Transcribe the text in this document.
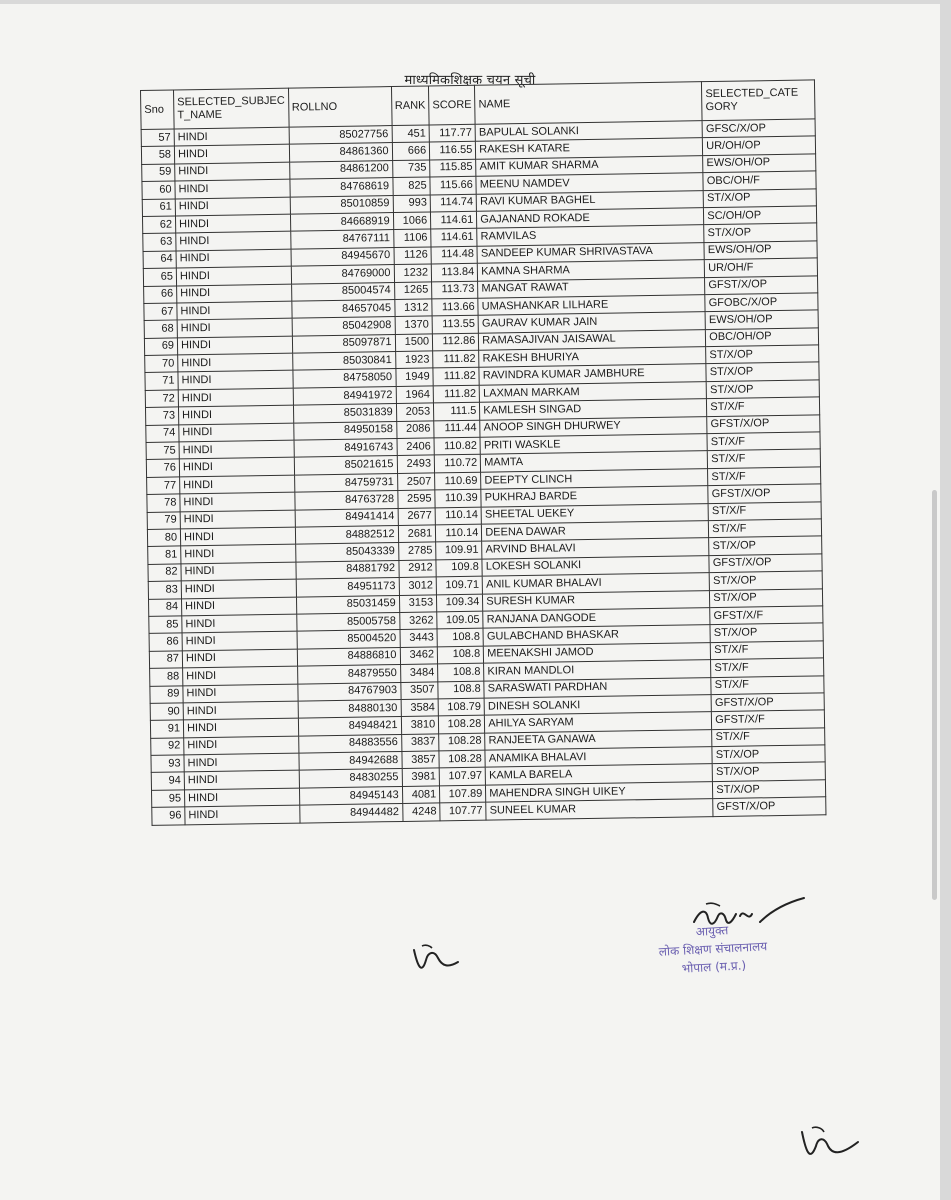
माध्यमिकशिक्षक चयन सूची
Sno	SELECTED_SUBJEC T_NAME	ROLLNO	RANK	SCORE	NAME	SELECTED_CATE GORY
57	HINDI	85027756	451	117.77	BAPULAL SOLANKI	GFSC/X/OP
58	HINDI	84861360	666	116.55	RAKESH KATARE	UR/OH/OP
59	HINDI	84861200	735	115.85	AMIT KUMAR SHARMA	EWS/OH/OP
60	HINDI	84768619	825	115.66	MEENU NAMDEV	OBC/OH/F
61	HINDI	85010859	993	114.74	RAVI KUMAR BAGHEL	ST/X/OP
62	HINDI	84668919	1066	114.61	GAJANAND ROKADE	SC/OH/OP
63	HINDI	84767111	1106	114.61	RAMVILAS	ST/X/OP
64	HINDI	84945670	1126	114.48	SANDEEP KUMAR SHRIVASTAVA	EWS/OH/OP
65	HINDI	84769000	1232	113.84	KAMNA SHARMA	UR/OH/F
66	HINDI	85004574	1265	113.73	MANGAT RAWAT	GFST/X/OP
67	HINDI	84657045	1312	113.66	UMASHANKAR LILHARE	GFOBC/X/OP
68	HINDI	85042908	1370	113.55	GAURAV KUMAR JAIN	EWS/OH/OP
69	HINDI	85097871	1500	112.86	RAMASAJIVAN JAISAWAL	OBC/OH/OP
70	HINDI	85030841	1923	111.82	RAKESH BHURIYA	ST/X/OP
71	HINDI	84758050	1949	111.82	RAVINDRA KUMAR JAMBHURE	ST/X/OP
72	HINDI	84941972	1964	111.82	LAXMAN MARKAM	ST/X/OP
73	HINDI	85031839	2053	111.5	KAMLESH SINGAD	ST/X/F
74	HINDI	84950158	2086	111.44	ANOOP SINGH DHURWEY	GFST/X/OP
75	HINDI	84916743	2406	110.82	PRITI WASKLE	ST/X/F
76	HINDI	85021615	2493	110.72	MAMTA	ST/X/F
77	HINDI	84759731	2507	110.69	DEEPTY CLINCH	ST/X/F
78	HINDI	84763728	2595	110.39	PUKHRAJ BARDE	GFST/X/OP
79	HINDI	84941414	2677	110.14	SHEETAL UEKEY	ST/X/F
80	HINDI	84882512	2681	110.14	DEENA DAWAR	ST/X/F
81	HINDI	85043339	2785	109.91	ARVIND BHALAVI	ST/X/OP
82	HINDI	84881792	2912	109.8	LOKESH SOLANKI	GFST/X/OP
83	HINDI	84951173	3012	109.71	ANIL KUMAR BHALAVI	ST/X/OP
84	HINDI	85031459	3153	109.34	SURESH KUMAR	ST/X/OP
85	HINDI	85005758	3262	109.05	RANJANA DANGODE	GFST/X/F
86	HINDI	85004520	3443	108.8	GULABCHAND BHASKAR	ST/X/OP
87	HINDI	84886810	3462	108.8	MEENAKSHI JAMOD	ST/X/F
88	HINDI	84879550	3484	108.8	KIRAN MANDLOI	ST/X/F
89	HINDI	84767903	3507	108.8	SARASWATI PARDHAN	ST/X/F
90	HINDI	84880130	3584	108.79	DINESH SOLANKI	GFST/X/OP
91	HINDI	84948421	3810	108.28	AHILYA SARYAM	GFST/X/F
92	HINDI	84883556	3837	108.28	RANJEETA GANAWA	ST/X/F
93	HINDI	84942688	3857	108.28	ANAMIKA BHALAVI	ST/X/OP
94	HINDI	84830255	3981	107.97	KAMLA BARELA	ST/X/OP
95	HINDI	84945143	4081	107.89	MAHENDRA SINGH UIKEY	ST/X/OP
96	HINDI	84944482	4248	107.77	SUNEEL KUMAR	GFST/X/OP
आयुक्त
लोक शिक्षण संचालनालय
भोपाल (म.प्र.)
